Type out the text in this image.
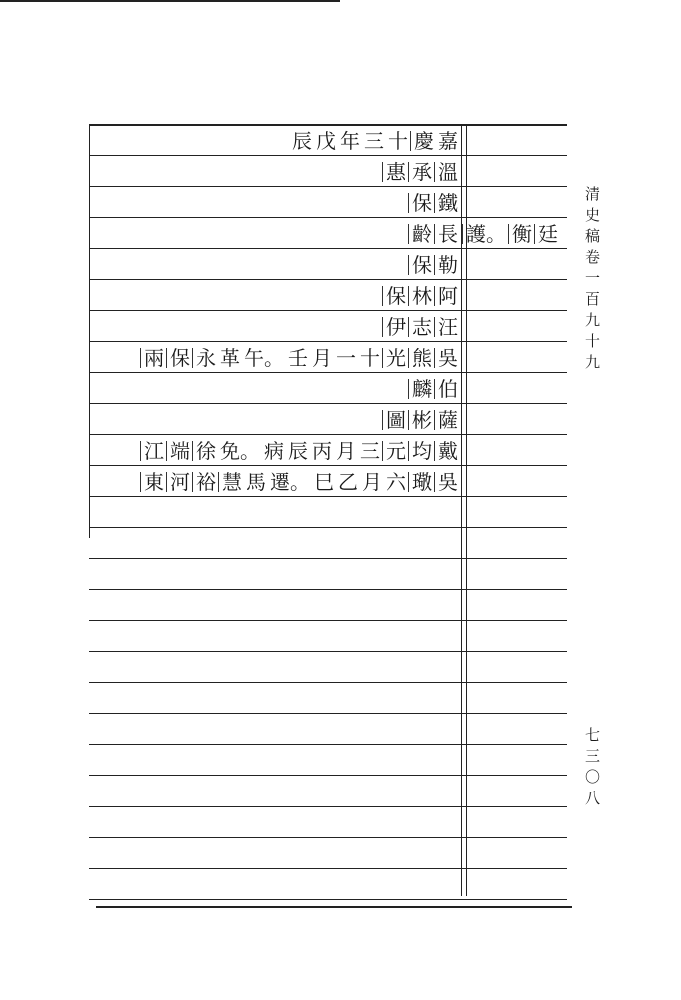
嘉
慶
十
三
年
戊
辰
溫
承
惠
鐵
保
長
齡	廷
衡
護。
勒
保
阿
林
保
汪
志
伊
吳
熊
光
十
一
月
壬
午。
革
永
保
兩
伯
麟
薩
彬
圖
戴
均
元
三
月
丙
辰
病
免。
徐
端
江
吳
璥
六
月
乙
巳
遷。
馬
慧
裕
河
東
清
史
稿
卷
一
百
九
十
九
七
三
〇
八
